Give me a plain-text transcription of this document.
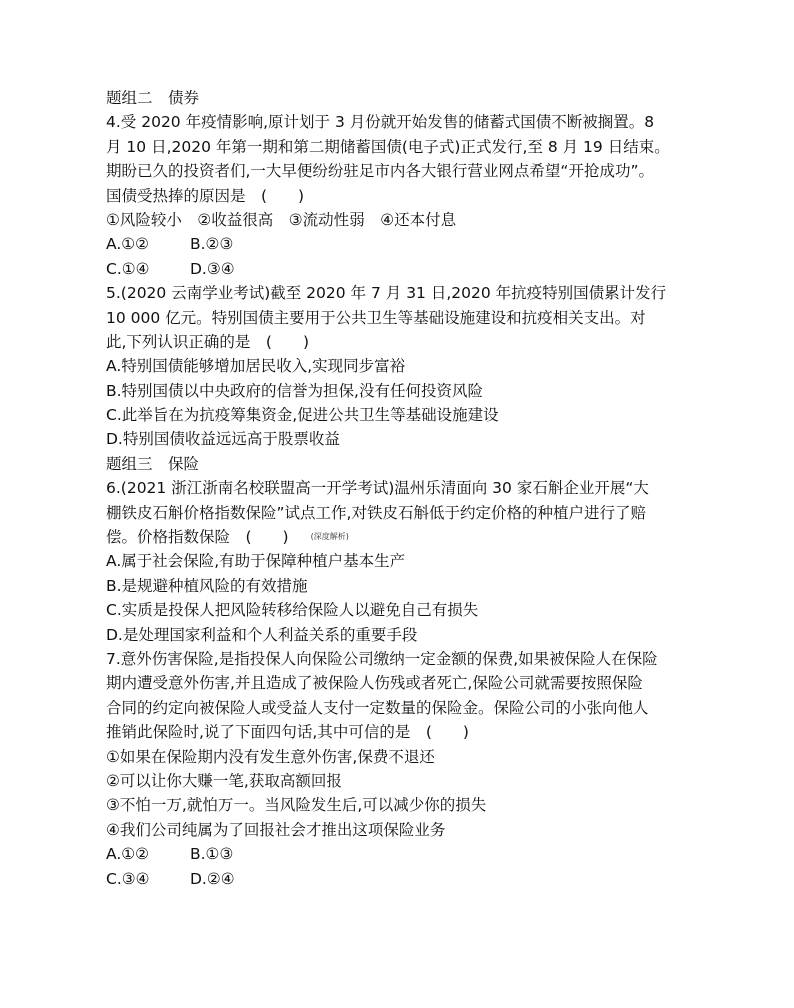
题组二　债券
4.受 2020 年疫情影响,原计划于 3 月份就开始发售的储蓄式国债不断被搁置。8
月 10 日,2020 年第一期和第二期储蓄国债(电子式)正式发行,至 8 月 19 日结束。
期盼已久的投资者们,一大早便纷纷驻足市内各大银行营业网点希望“开抢成功”。
国债受热捧的原因是　(　　)
①风险较小　②收益很高　③流动性弱　④还本付息
A.①②	B.②③
C.①④	D.③④
5.(2020 云南学业考试)截至 2020 年 7 月 31 日,2020 年抗疫特别国债累计发行
10 000 亿元。特别国债主要用于公共卫生等基础设施建设和抗疫相关支出。对
此,下列认识正确的是　(　　)
A.特别国债能够增加居民收入,实现同步富裕
B.特别国债以中央政府的信誉为担保,没有任何投资风险
C.此举旨在为抗疫筹集资金,促进公共卫生等基础设施建设
D.特别国债收益远远高于股票收益
题组三　保险
6.(2021 浙江浙南名校联盟高一开学考试)温州乐清面向 30 家石斛企业开展“大
棚铁皮石斛价格指数保险”试点工作,对铁皮石斛低于约定价格的种植户进行了赔
偿。价格指数保险　(　　)	(深度解析)
A.属于社会保险,有助于保障种植户基本生产
B.是规避种植风险的有效措施
C.实质是投保人把风险转移给保险人以避免自己有损失
D.是处理国家利益和个人利益关系的重要手段
7.意外伤害保险,是指投保人向保险公司缴纳一定金额的保费,如果被保险人在保险
期内遭受意外伤害,并且造成了被保险人伤残或者死亡,保险公司就需要按照保险
合同的约定向被保险人或受益人支付一定数量的保险金。保险公司的小张向他人
推销此保险时,说了下面四句话,其中可信的是　(　　)
①如果在保险期内没有发生意外伤害,保费不退还
②可以让你大赚一笔,获取高额回报
③不怕一万,就怕万一。当风险发生后,可以减少你的损失
④我们公司纯属为了回报社会才推出这项保险业务
A.①②	B.①③
C.③④	D.②④
